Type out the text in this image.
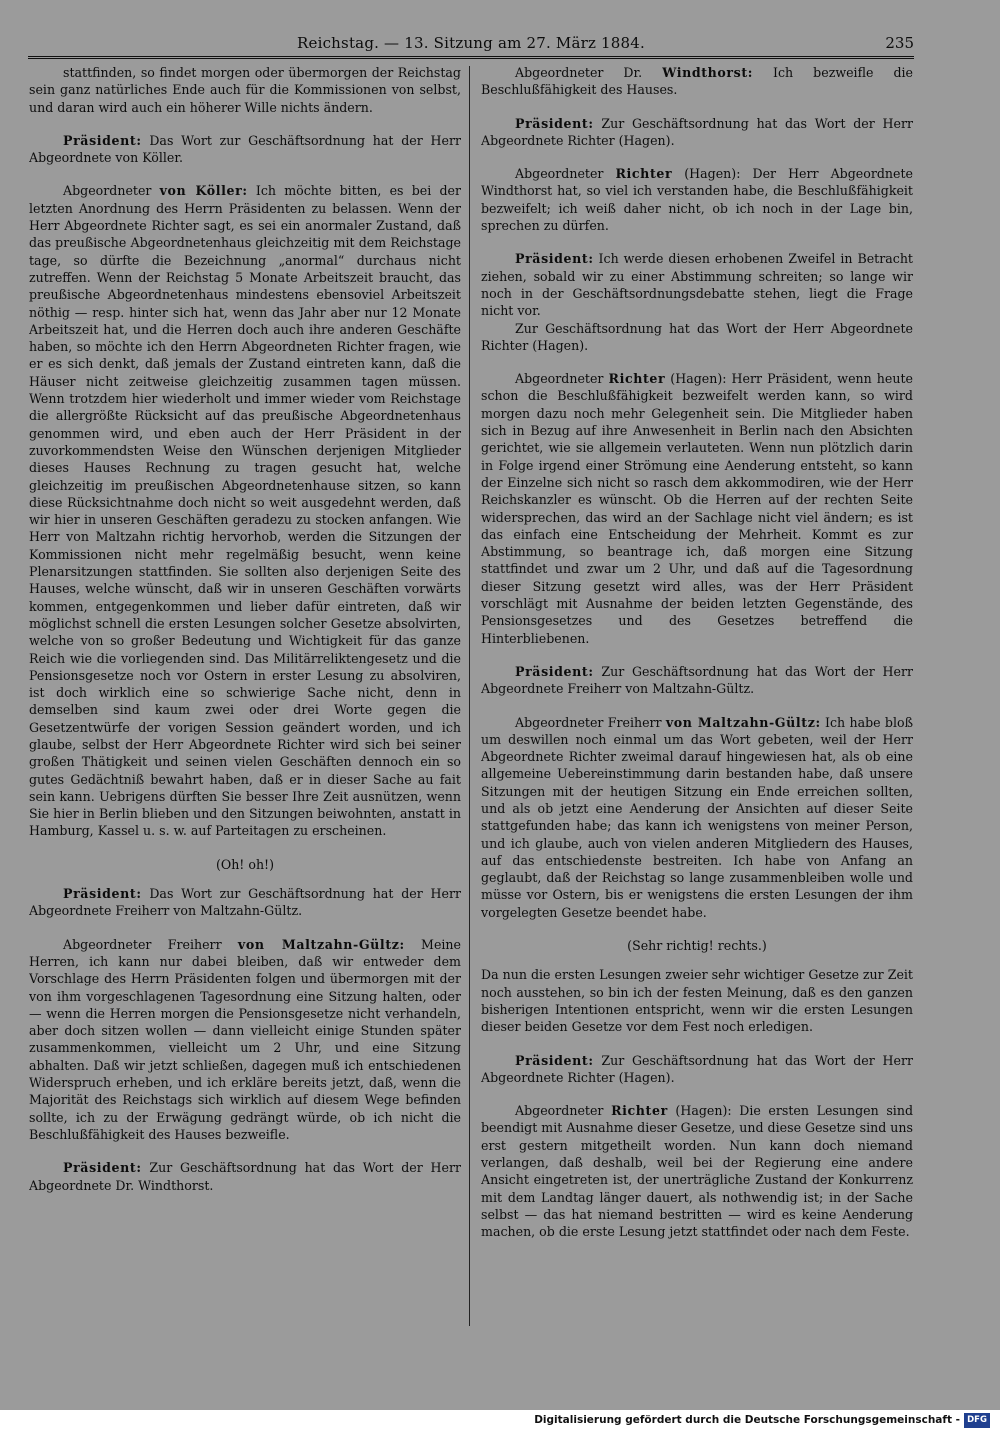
Reichstag. — 13. Sitzung am 27. März 1884.	235

stattfinden, so findet morgen oder übermorgen der Reichstag sein ganz natürliches Ende auch für die Kommissionen von selbst, und daran wird auch ein höherer Wille nichts ändern.

Präsident: Das Wort zur Geschäftsordnung hat der Herr Abgeordnete von Köller.

Abgeordneter von Köller: Ich möchte bitten, es bei der letzten Anordnung des Herrn Präsidenten zu belassen. Wenn der Herr Abgeordnete Richter sagt, es sei ein anormaler Zustand, daß das preußische Abgeordnetenhaus gleichzeitig mit dem Reichstage tage, so dürfte die Bezeichnung „anormal“ durchaus nicht zutreffen. Wenn der Reichstag 5 Monate Arbeitszeit braucht, das preußische Abgeordnetenhaus mindestens ebensoviel Arbeitszeit nöthig — resp. hinter sich hat, wenn das Jahr aber nur 12 Monate Arbeitszeit hat, und die Herren doch auch ihre anderen Geschäfte haben, so möchte ich den Herrn Abgeordneten Richter fragen, wie er es sich denkt, daß jemals der Zustand eintreten kann, daß die Häuser nicht zeitweise gleichzeitig zusammen tagen müssen. Wenn trotzdem hier wiederholt und immer wieder vom Reichstage die allergrößte Rücksicht auf das preußische Abgeordnetenhaus genommen wird, und eben auch der Herr Präsident in der zuvorkommendsten Weise den Wünschen derjenigen Mitglieder dieses Hauses Rechnung zu tragen gesucht hat, welche gleichzeitig im preußischen Abgeordnetenhause sitzen, so kann diese Rücksichtnahme doch nicht so weit ausgedehnt werden, daß wir hier in unseren Geschäften geradezu zu stocken anfangen. Wie Herr von Maltzahn richtig hervorhob, werden die Sitzungen der Kommissionen nicht mehr regelmäßig besucht, wenn keine Plenarsitzungen stattfinden. Sie sollten also derjenigen Seite des Hauses, welche wünscht, daß wir in unseren Geschäften vorwärts kommen, entgegenkommen und lieber dafür eintreten, daß wir möglichst schnell die ersten Lesungen solcher Gesetze absolvirten, welche von so großer Bedeutung und Wichtigkeit für das ganze Reich wie die vorliegenden sind. Das Militärreliktengesetz und die Pensionsgesetze noch vor Ostern in erster Lesung zu absolviren, ist doch wirklich eine so schwierige Sache nicht, denn in demselben sind kaum zwei oder drei Worte gegen die Gesetzentwürfe der vorigen Session geändert worden, und ich glaube, selbst der Herr Abgeordnete Richter wird sich bei seiner großen Thätigkeit und seinen vielen Geschäften dennoch ein so gutes Gedächtniß bewahrt haben, daß er in dieser Sache au fait sein kann. Uebrigens dürften Sie besser Ihre Zeit ausnützen, wenn Sie hier in Berlin blieben und den Sitzungen beiwohnten, anstatt in Hamburg, Kassel u. s. w. auf Parteitagen zu erscheinen.

(Oh! oh!)

Präsident: Das Wort zur Geschäftsordnung hat der Herr Abgeordnete Freiherr von Maltzahn-Gültz.

Abgeordneter Freiherr von Maltzahn-Gültz: Meine Herren, ich kann nur dabei bleiben, daß wir entweder dem Vorschlage des Herrn Präsidenten folgen und übermorgen mit der von ihm vorgeschlagenen Tagesordnung eine Sitzung halten, oder — wenn die Herren morgen die Pensionsgesetze nicht verhandeln, aber doch sitzen wollen — dann vielleicht einige Stunden später zusammenkommen, vielleicht um 2 Uhr, und eine Sitzung abhalten. Daß wir jetzt schließen, dagegen muß ich entschiedenen Widerspruch erheben, und ich erkläre bereits jetzt, daß, wenn die Majorität des Reichstags sich wirklich auf diesem Wege befinden sollte, ich zu der Erwägung gedrängt würde, ob ich nicht die Beschlußfähigkeit des Hauses bezweifle.

Präsident: Zur Geschäftsordnung hat das Wort der Herr Abgeordnete Dr. Windthorst.

Abgeordneter Dr. Windthorst: Ich bezweifle die Beschlußfähigkeit des Hauses.

Präsident: Zur Geschäftsordnung hat das Wort der Herr Abgeordnete Richter (Hagen).

Abgeordneter Richter (Hagen): Der Herr Abgeordnete Windthorst hat, so viel ich verstanden habe, die Beschlußfähigkeit bezweifelt; ich weiß daher nicht, ob ich noch in der Lage bin, sprechen zu dürfen.

Präsident: Ich werde diesen erhobenen Zweifel in Betracht ziehen, sobald wir zu einer Abstimmung schreiten; so lange wir noch in der Geschäftsordnungsdebatte stehen, liegt die Frage nicht vor.

Zur Geschäftsordnung hat das Wort der Herr Abgeordnete Richter (Hagen).

Abgeordneter Richter (Hagen): Herr Präsident, wenn heute schon die Beschlußfähigkeit bezweifelt werden kann, so wird morgen dazu noch mehr Gelegenheit sein. Die Mitglieder haben sich in Bezug auf ihre Anwesenheit in Berlin nach den Absichten gerichtet, wie sie allgemein verlauteten. Wenn nun plötzlich darin in Folge irgend einer Strömung eine Aenderung entsteht, so kann der Einzelne sich nicht so rasch dem akkommodiren, wie der Herr Reichskanzler es wünscht. Ob die Herren auf der rechten Seite widersprechen, das wird an der Sachlage nicht viel ändern; es ist das einfach eine Entscheidung der Mehrheit. Kommt es zur Abstimmung, so beantrage ich, daß morgen eine Sitzung stattfindet und zwar um 2 Uhr, und daß auf die Tagesordnung dieser Sitzung gesetzt wird alles, was der Herr Präsident vorschlägt mit Ausnahme der beiden letzten Gegenstände, des Pensionsgesetzes und des Gesetzes betreffend die Hinterbliebenen.

Präsident: Zur Geschäftsordnung hat das Wort der Herr Abgeordnete Freiherr von Maltzahn-Gültz.

Abgeordneter Freiherr von Maltzahn-Gültz: Ich habe bloß um deswillen noch einmal um das Wort gebeten, weil der Herr Abgeordnete Richter zweimal darauf hingewiesen hat, als ob eine allgemeine Uebereinstimmung darin bestanden habe, daß unsere Sitzungen mit der heutigen Sitzung ein Ende erreichen sollten, und als ob jetzt eine Aenderung der Ansichten auf dieser Seite stattgefunden habe; das kann ich wenigstens von meiner Person, und ich glaube, auch von vielen anderen Mitgliedern des Hauses, auf das entschiedenste bestreiten. Ich habe von Anfang an geglaubt, daß der Reichstag so lange zusammenbleiben wolle und müsse vor Ostern, bis er wenigstens die ersten Lesungen der ihm vorgelegten Gesetze beendet habe.

(Sehr richtig! rechts.)

Da nun die ersten Lesungen zweier sehr wichtiger Gesetze zur Zeit noch ausstehen, so bin ich der festen Meinung, daß es den ganzen bisherigen Intentionen entspricht, wenn wir die ersten Lesungen dieser beiden Gesetze vor dem Fest noch erledigen.

Präsident: Zur Geschäftsordnung hat das Wort der Herr Abgeordnete Richter (Hagen).

Abgeordneter Richter (Hagen): Die ersten Lesungen sind beendigt mit Ausnahme dieser Gesetze, und diese Gesetze sind uns erst gestern mitgetheilt worden. Nun kann doch niemand verlangen, daß deshalb, weil bei der Regierung eine andere Ansicht eingetreten ist, der unerträgliche Zustand der Konkurrenz mit dem Landtag länger dauert, als nothwendig ist; in der Sache selbst — das hat niemand bestritten — wird es keine Aenderung machen, ob die erste Lesung jetzt stattfindet oder nach dem Feste.

Digitalisierung gefördert durch die Deutsche Forschungsgemeinschaft - DFG
